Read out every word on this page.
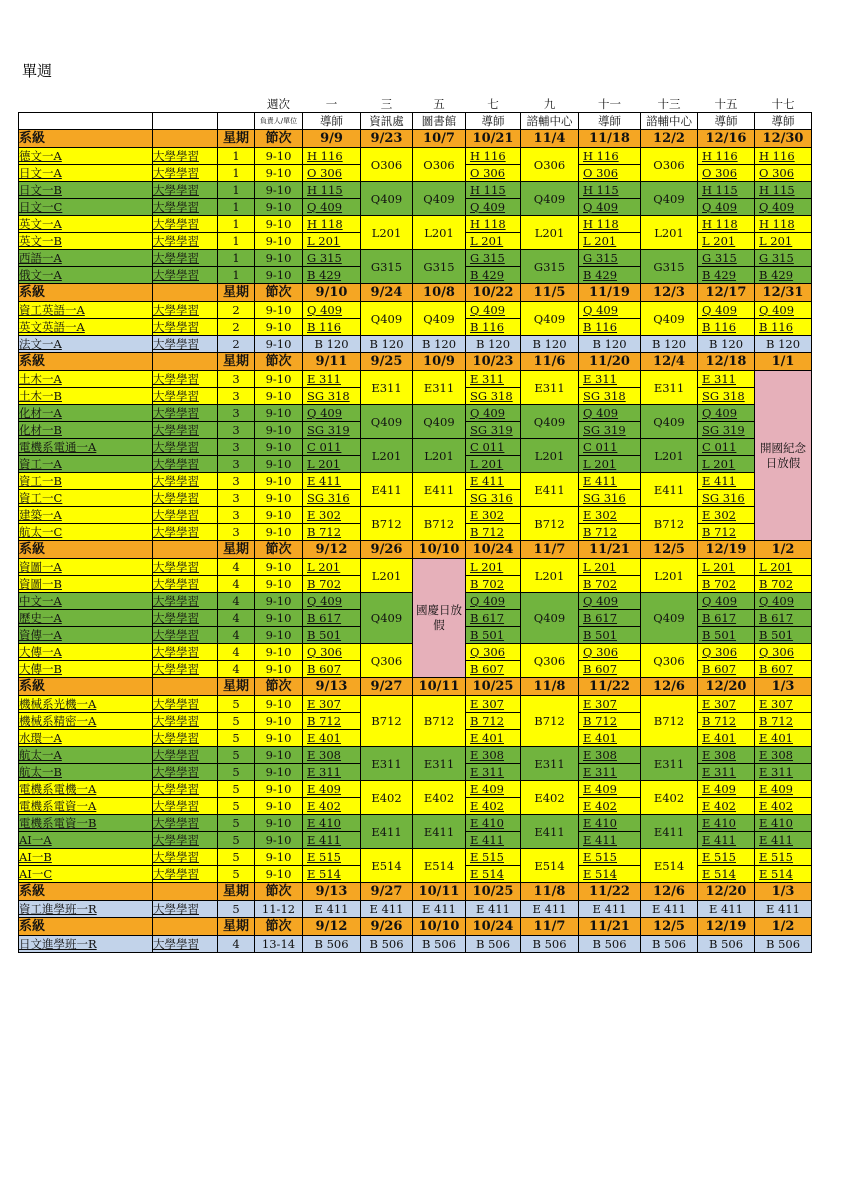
單週
			週次	一	三	五	七	九	十一	十三	十五	十七
			負責人/單位	導師	資訊處	圖書館	導師	諮輔中心	導師	諮輔中心	導師	導師
系級		星期	節次	9/9	9/23	10/7	10/21	11/4	11/18	12/2	12/16	12/30
德文一A	大學學習	1	9-10	H 116	O306	O306	H 116	O306	H 116	O306	H 116	H 116
日文一A	大學學習	1	9-10	O 306			O 306		O 306		O 306	O 306
日文一B	大學學習	1	9-10	H 115	Q409	Q409	H 115	Q409	H 115	Q409	H 115	H 115
日文一C	大學學習	1	9-10	Q 409			Q 409		Q 409		Q 409	Q 409
英文一A	大學學習	1	9-10	H 118	L201	L201	H 118	L201	H 118	L201	H 118	H 118
英文一B	大學學習	1	9-10	L 201			L 201		L 201		L 201	L 201
西語一A	大學學習	1	9-10	G 315	G315	G315	G 315	G315	G 315	G315	G 315	G 315
俄文一A	大學學習	1	9-10	B 429			B 429		B 429		B 429	B 429
系級		星期	節次	9/10	9/24	10/8	10/22	11/5	11/19	12/3	12/17	12/31
資工英語一A	大學學習	2	9-10	Q 409	Q409	Q409	Q 409	Q409	Q 409	Q409	Q 409	Q 409
英文英語一A	大學學習	2	9-10	B 116			B 116		B 116		B 116	B 116
法文一A	大學學習	2	9-10	B 120	B 120	B 120	B 120	B 120	B 120	B 120	B 120	B 120
系級		星期	節次	9/11	9/25	10/9	10/23	11/6	11/20	12/4	12/18	1/1
土木一A	大學學習	3	9-10	E 311	E311	E311	E 311	E311	E 311	E311	E 311	開國紀念日放假
土木一B	大學學習	3	9-10	SG 318			SG 318		SG 318		SG 318	
化材一A	大學學習	3	9-10	Q 409	Q409	Q409	Q 409	Q409	Q 409	Q409	Q 409	
化材一B	大學學習	3	9-10	SG 319			SG 319		SG 319		SG 319	
電機系電通一A	大學學習	3	9-10	C 011	L201	L201	C 011	L201	C 011	L201	C 011	
資工一A	大學學習	3	9-10	L 201			L 201		L 201		L 201	
資工一B	大學學習	3	9-10	E 411	E411	E411	E 411	E411	E 411	E411	E 411	
資工一C	大學學習	3	9-10	SG 316			SG 316		SG 316		SG 316	
建築一A	大學學習	3	9-10	E 302	B712	B712	E 302	B712	E 302	B712	E 302	
航太一C	大學學習	3	9-10	B 712			B 712		B 712		B 712	
系級		星期	節次	9/12	9/26	10/10	10/24	11/7	11/21	12/5	12/19	1/2
資圖一A	大學學習	4	9-10	L 201	L201	國慶日放假	L 201	L201	L 201	L201	L 201	L 201
資圖一B	大學學習	4	9-10	B 702			B 702		B 702		B 702	B 702
中文一A	大學學習	4	9-10	Q 409	Q409		Q 409	Q409	Q 409	Q409	Q 409	Q 409
歷史一A	大學學習	4	9-10	B 617			B 617		B 617		B 617	B 617
資傳一A	大學學習	4	9-10	B 501			B 501		B 501		B 501	B 501
大傳一A	大學學習	4	9-10	Q 306	Q306		Q 306	Q306	Q 306	Q306	Q 306	Q 306
大傳一B	大學學習	4	9-10	B 607			B 607		B 607		B 607	B 607
系級		星期	節次	9/13	9/27	10/11	10/25	11/8	11/22	12/6	12/20	1/3
機械系光機一A	大學學習	5	9-10	E 307	B712	B712	E 307	B712	E 307	B712	E 307	E 307
機械系精密一A	大學學習	5	9-10	B 712			B 712		B 712		B 712	B 712
水環一A	大學學習	5	9-10	E 401			E 401		E 401		E 401	E 401
航太一A	大學學習	5	9-10	E 308	E311	E311	E 308	E311	E 308	E311	E 308	E 308
航太一B	大學學習	5	9-10	E 311			E 311		E 311		E 311	E 311
電機系電機一A	大學學習	5	9-10	E 409	E402	E402	E 409	E402	E 409	E402	E 409	E 409
電機系電資一A	大學學習	5	9-10	E 402			E 402		E 402		E 402	E 402
電機系電資一B	大學學習	5	9-10	E 410	E411	E411	E 410	E411	E 410	E411	E 410	E 410
AI一A	大學學習	5	9-10	E 411			E 411		E 411		E 411	E 411
AI一B	大學學習	5	9-10	E 515	E514	E514	E 515	E514	E 515	E514	E 515	E 515
AI一C	大學學習	5	9-10	E 514			E 514		E 514		E 514	E 514
系級		星期	節次	9/13	9/27	10/11	10/25	11/8	11/22	12/6	12/20	1/3
資工進學班一R	大學學習	5	11-12	E 411	E 411	E 411	E 411	E 411	E 411	E 411	E 411	E 411
系級		星期	節次	9/12	9/26	10/10	10/24	11/7	11/21	12/5	12/19	1/2
日文進學班一R	大學學習	4	13-14	B 506	B 506	B 506	B 506	B 506	B 506	B 506	B 506	B 506
